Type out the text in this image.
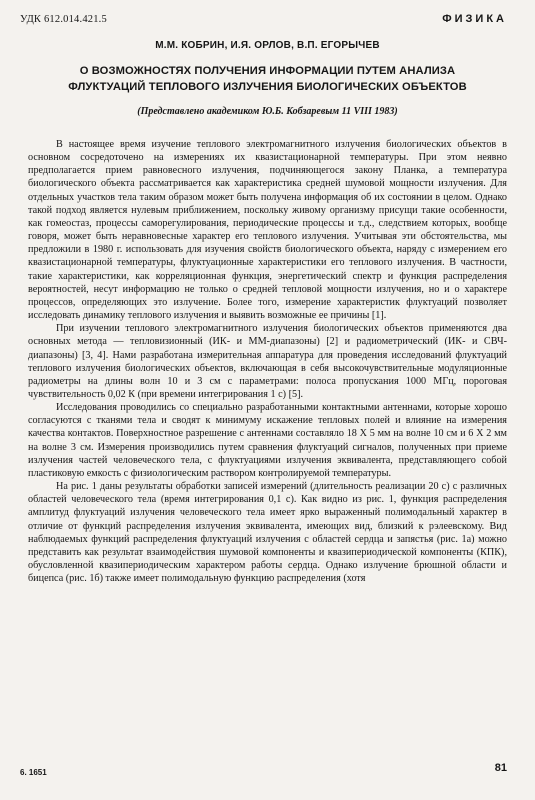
УДК 612.014.421.5	ФИЗИКА
М.М. КОБРИН, И.Я. ОРЛОВ, В.П. ЕГОРЫЧЕВ
О ВОЗМОЖНОСТЯХ ПОЛУЧЕНИЯ ИНФОРМАЦИИ ПУТЕМ АНАЛИЗА
ФЛУКТУАЦИЙ ТЕПЛОВОГО ИЗЛУЧЕНИЯ БИОЛОГИЧЕСКИХ ОБЪЕКТОВ
(Представлено академиком Ю.Б. Кобзаревым 11 VIII 1983)

В настоящее время изучение теплового электромагнитного излучения биологических объектов в основном сосредоточено на измерениях их квазистационарной температуры. При этом неявно предполагается прием равновесного излучения, подчиняющегося закону Планка, а температура биологического объекта рассматривается как характеристика средней шумовой мощности излучения. Для отдельных участков тела таким образом может быть получена информация об их состоянии в целом. Однако такой подход является нулевым приближением, поскольку живому организму присущи такие особенности, как гомеостаз, процессы саморегулирования, периодические процессы и т.д., следствием которых, вообще говоря, может быть неравновесные характер его теплового излучения. Учитывая эти обстоятельства, мы предложили в 1980 г. использовать для изучения свойств биологического объекта, наряду с измерением его квазистационарной температуры, флуктуационные характеристики его теплового излучения. В частности, такие характеристики, как корреляционная функция, энергетический спектр и функция распределения вероятностей, несут информацию не только о средней тепловой мощности излучения, но и о характере процессов, определяющих это излучение. Более того, измерение характеристик флуктуаций позволяет исследовать динамику теплового излучения и выявить возможные ее причины [1].

При изучении теплового электромагнитного излучения биологических объектов применяются два основных метода — тепловизионный (ИК- и ММ-диапазоны) [2] и радиометрический (ИК- и СВЧ-диапазоны) [3, 4]. Нами разработана измерительная аппаратура для проведения исследований флуктуаций теплового излучения биологических объектов, включающая в себя высокочувствительные модуляционные радиометры на длины волн 10 и 3 см с параметрами: полоса пропускания 1000 МГц, пороговая чувствительность 0,02 К (при времени интегрирования 1 с) [5].

Исследования проводились со специально разработанными контактными антеннами, которые хорошо согласуются с тканями тела и сводят к минимуму искажение тепловых полей и влияние на измерения качества контактов. Поверхностное разрешение с антеннами составляло 18 Х 5 мм на волне 10 см и 6 Х 2 мм на волне 3 см. Измерения производились путем сравнения флуктуаций сигналов, полученных при приеме излучения частей человеческого тела, с флуктуациями излучения эквивалента, представляющего собой пластиковую емкость с физиологическим раствором контролируемой температуры.

На рис. 1 даны результаты обработки записей измерений (длительность реализации 20 с) с различных областей человеческого тела (время интегрирования 0,1 с). Как видно из рис. 1, функция распределения амплитуд флуктуаций излучения человеческого тела имеет ярко выраженный полимодальный характер в отличие от функций распределения излучения эквивалента, имеющих вид, близкий к рэлеевскому. Вид наблюдаемых функций распределения флуктуаций излучения с областей сердца и запястья (рис. 1а) можно представить как результат взаимодействия шумовой компоненты и квазипериодической компоненты (КПК), обусловленной квазипериодическим характером работы сердца. Однако излучение брюшной области и бицепса (рис. 1б) также имеет полимодальную функцию распределения (хотя

6. 1651	81
